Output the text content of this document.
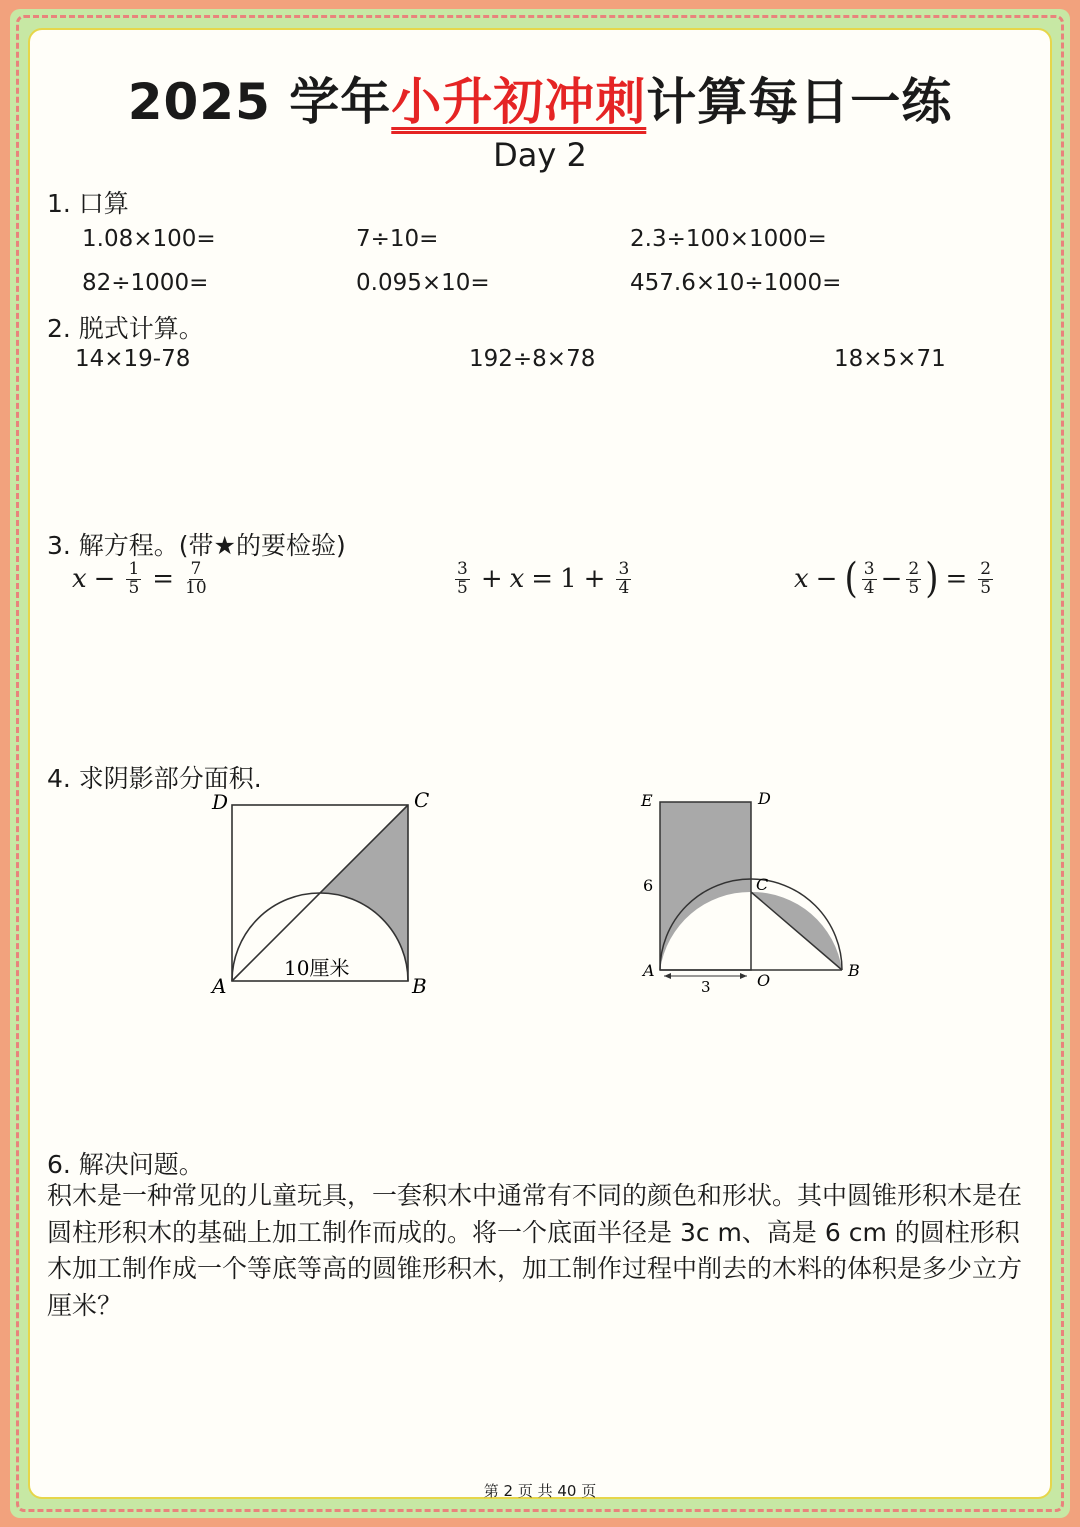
2025 学年小升初冲刺计算每日一练
Day 2
1. 口算
1.08×100=	7÷10=	2.3÷100×1000=
82÷1000=	0.095×10=	457.6×10÷1000=
2. 脱式计算。
14×19-78	192÷8×78	18×5×71
3. 解方程。(带★的要检验)
$x - \frac{1}{5} = \frac{7}{10}$	$\frac{3}{5} + x = 1 + \frac{3}{4}$	x − ( $\frac{3}{4} - \frac{2}{5}$ ) = $\frac{2}{5}$
4. 求阴影部分面积.
D	C
A	B
10厘米
E	D
C
A
O
B
6
3
6. 解决问题。
积木是一种常见的儿童玩具，一套积木中通常有不同的颜色和形状。其中圆锥形积木是在圆柱形积木的基础上加工制作而成的。将一个底面半径是 3c m、高是 6 cm 的圆柱形积木加工制作成一个等底等高的圆锥形积木，加工制作过程中削去的木料的体积是多少立方厘米？
第 2 页 共 40 页
